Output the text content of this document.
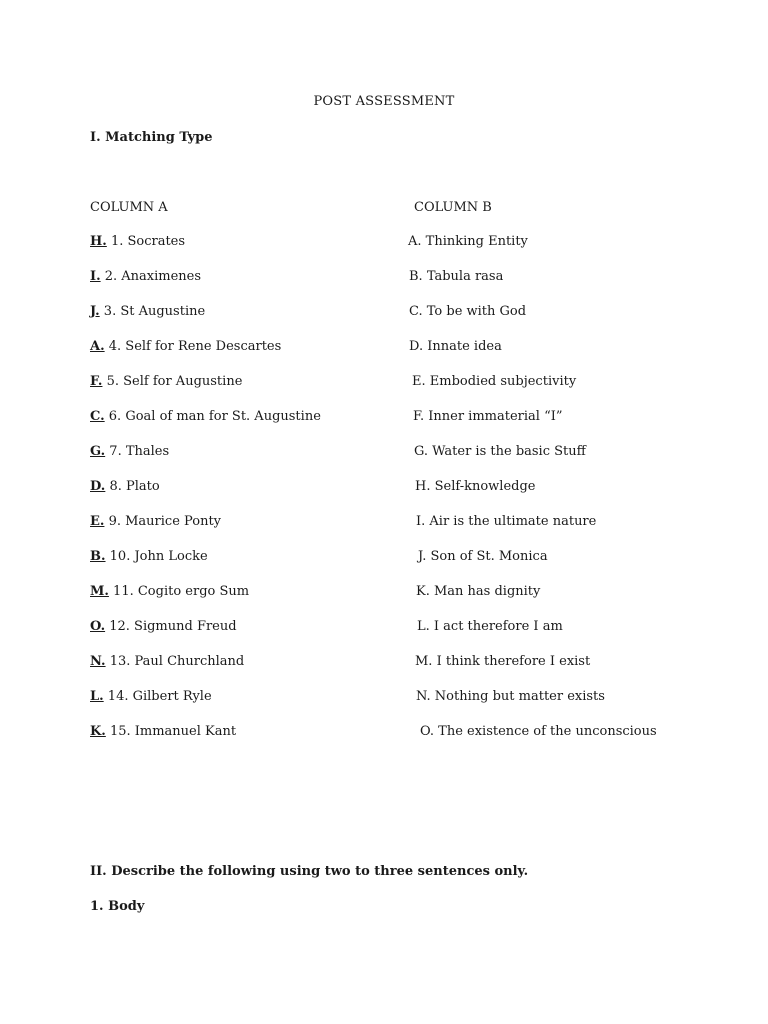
POST ASSESSMENT
I. Matching Type
COLUMN A	COLUMN B
H. 1. Socrates
I. 2. Anaximenes
J. 3. St Augustine
A. 4. Self for Rene Descartes
F. 5. Self for Augustine
C. 6. Goal of man for St. Augustine
G. 7. Thales
D. 8. Plato
E. 9. Maurice Ponty
B. 10. John Locke
M. 11. Cogito ergo Sum
O. 12. Sigmund Freud
N. 13. Paul Churchland
L. 14. Gilbert Ryle
K. 15. Immanuel Kant
A. Thinking Entity
B. Tabula rasa
C. To be with God
D. Innate idea
E. Embodied subjectivity
F. Inner immaterial “I”
G. Water is the basic Stuff
H. Self-knowledge
I. Air is the ultimate nature
J. Son of St. Monica
K. Man has dignity
L. I act therefore I am
M. I think therefore I exist
N. Nothing but matter exists
O. The existence of the unconscious
II. Describe the following using two to three sentences only.
1. Body
